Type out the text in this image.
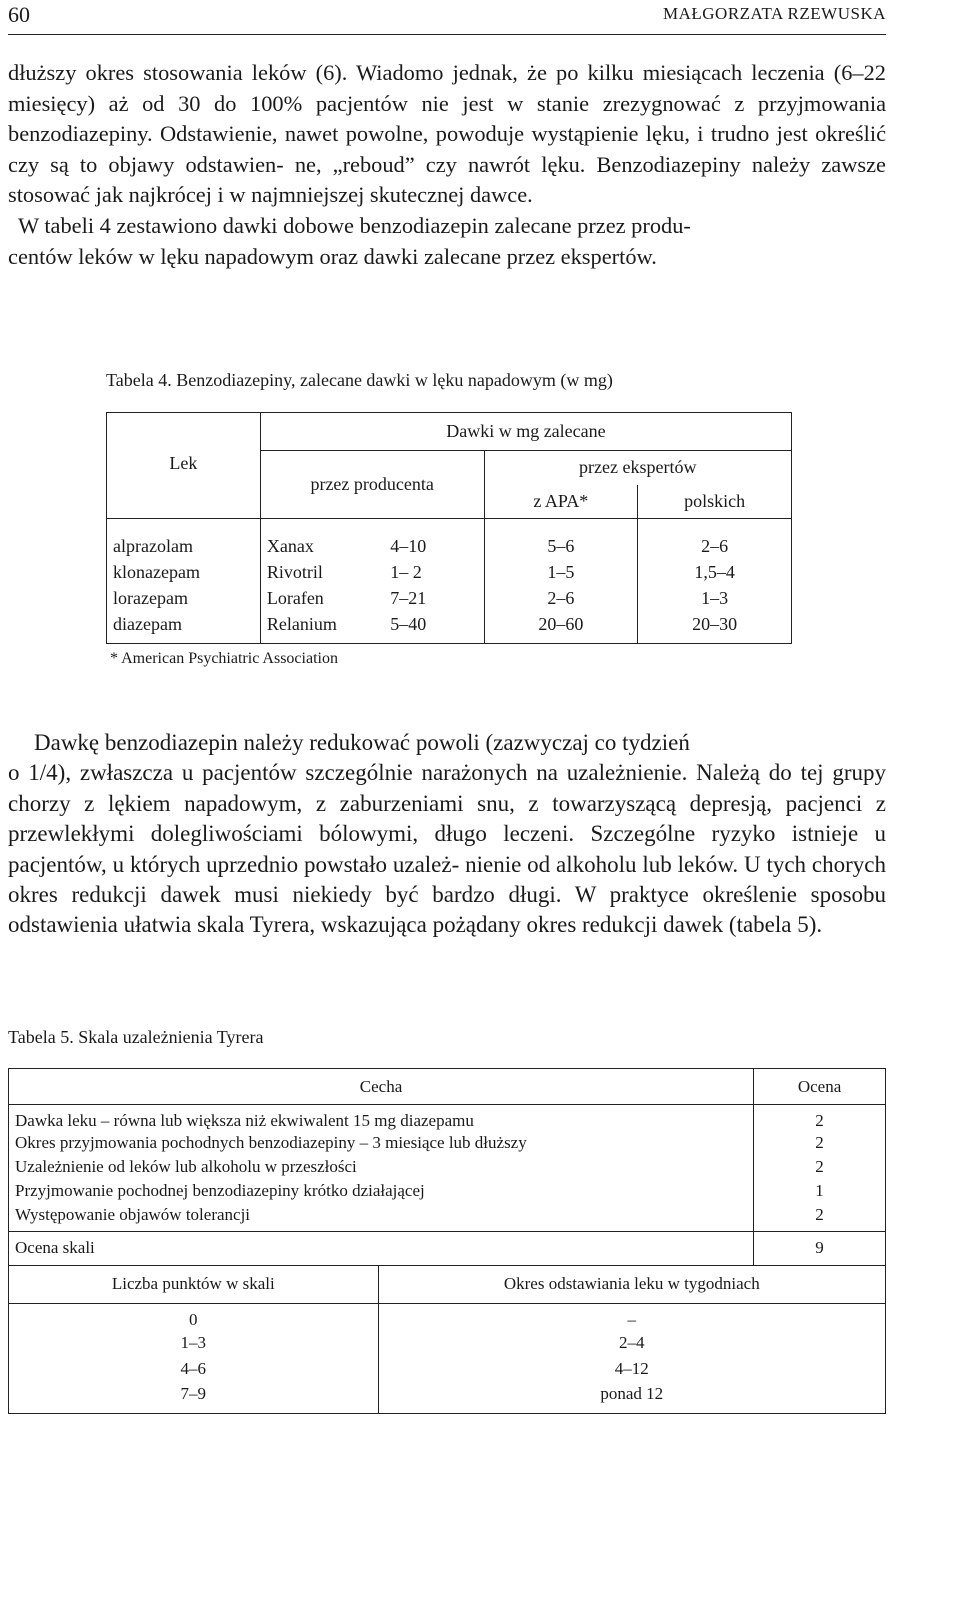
60	MAŁGORZATA RZEWUSKA
dłuższy okres stosowania leków (6). Wiadomo jednak, że po kilku miesiącach leczenia (6–22 miesięcy) aż od 30 do 100% pacjentów nie jest w stanie zrezygnować z przyjmowania benzodiazepiny. Odstawienie, nawet powolne, powoduje wystąpienie lęku, i trudno jest określić czy są to objawy odstawien- ne, „reboud” czy nawrót lęku. Benzodiazepiny należy zawsze stosować jak najkrócej i w najmniejszej skutecznej dawce.
W tabeli 4 zestawiono dawki dobowe benzodiazepin zalecane przez produ-
centów leków w lęku napadowym oraz dawki zalecane przez ekspertów.
Tabela 4. Benzodiazepiny, zalecane dawki w lęku napadowym (w mg)
Lek	Dawki w mg zalecane			
	przez producenta		przez ekspertów	
			z APA*	polskich
alprazolam	Xanax	4–10	5–6	2–6
klonazepam	Rivotril	1– 2	1–5	1,5–4
lorazepam	Lorafen	7–21	2–6	1–3
diazepam	Relanium	5–40	20–60	20–30
* American Psychiatric Association
Dawkę benzodiazepin należy redukować powoli (zazwyczaj co tydzień
o 1/4), zwłaszcza u pacjentów szczególnie narażonych na uzależnienie. Należą do tej grupy chorzy z lękiem napadowym, z zaburzeniami snu, z towarzyszącą depresją, pacjenci z przewlekłymi dolegliwościami bólowymi, długo leczeni. Szczególne ryzyko istnieje u pacjentów, u których uprzednio powstało uzależ- nienie od alkoholu lub leków. U tych chorych okres redukcji dawek musi niekiedy być bardzo długi. W praktyce określenie sposobu odstawienia ułatwia skala Tyrera, wskazująca pożądany okres redukcji dawek (tabela 5).
Tabela 5. Skala uzależnienia Tyrera
Cecha		Ocena
Dawka leku – równa lub większa niż ekwiwalent 15 mg diazepamu		2
Okres przyjmowania pochodnych benzodiazepiny – 3 miesiące lub dłuższy		2
Uzależnienie od leków lub alkoholu w przeszłości		2
Przyjmowanie pochodnej benzodiazepiny krótko działającej		1
Występowanie objawów tolerancji		2
Ocena skali		9
Liczba punktów w skali	Okres odstawiania leku w tygodniach	
0	–	
1–3	2–4	
4–6	4–12	
7–9	ponad 12	
